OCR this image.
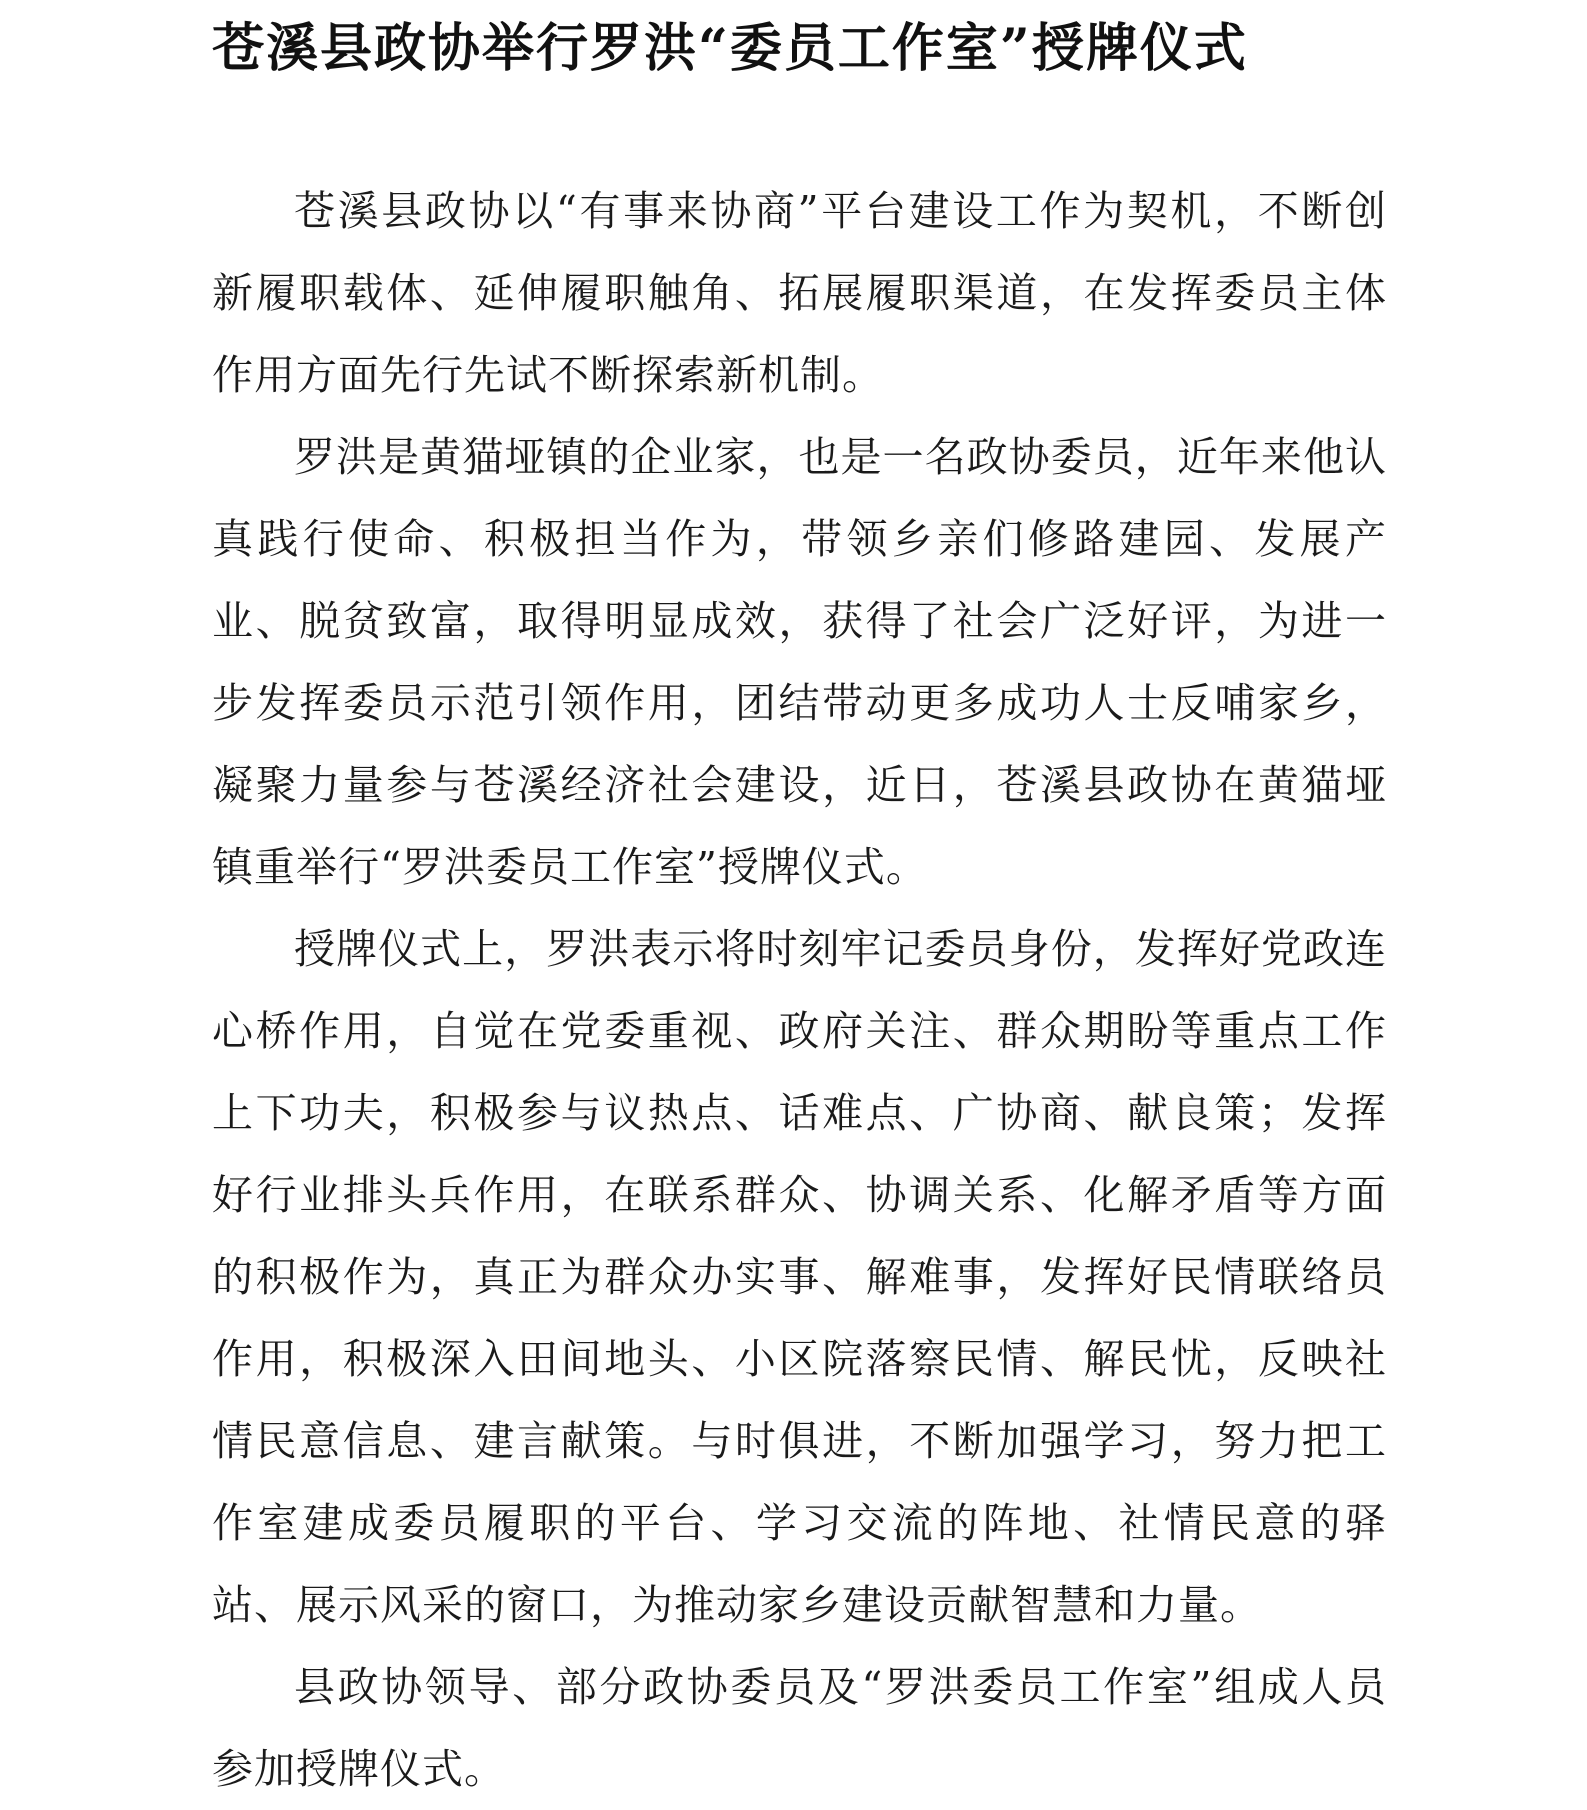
苍溪县政协举行罗洪“委员工作室”授牌仪式

苍溪县政协以“有事来协商”平台建设工作为契机，不断创新履职载体、延伸履职触角、拓展履职渠道，在发挥委员主体作用方面先行先试不断探索新机制。

罗洪是黄猫垭镇的企业家，也是一名政协委员，近年来他认真践行使命、积极担当作为，带领乡亲们修路建园、发展产业、脱贫致富，取得明显成效，获得了社会广泛好评，为进一步发挥委员示范引领作用，团结带动更多成功人士反哺家乡，凝聚力量参与苍溪经济社会建设，近日，苍溪县政协在黄猫垭镇重举行“罗洪委员工作室”授牌仪式。

授牌仪式上，罗洪表示将时刻牢记委员身份，发挥好党政连心桥作用，自觉在党委重视、政府关注、群众期盼等重点工作上下功夫，积极参与议热点、话难点、广协商、献良策；发挥好行业排头兵作用，在联系群众、协调关系、化解矛盾等方面的积极作为，真正为群众办实事、解难事，发挥好民情联络员作用，积极深入田间地头、小区院落察民情、解民忧，反映社情民意信息、建言献策。与时俱进，不断加强学习，努力把工作室建成委员履职的平台、学习交流的阵地、社情民意的驿站、展示风采的窗口，为推动家乡建设贡献智慧和力量。

县政协领导、部分政协委员及“罗洪委员工作室”组成人员参加授牌仪式。
